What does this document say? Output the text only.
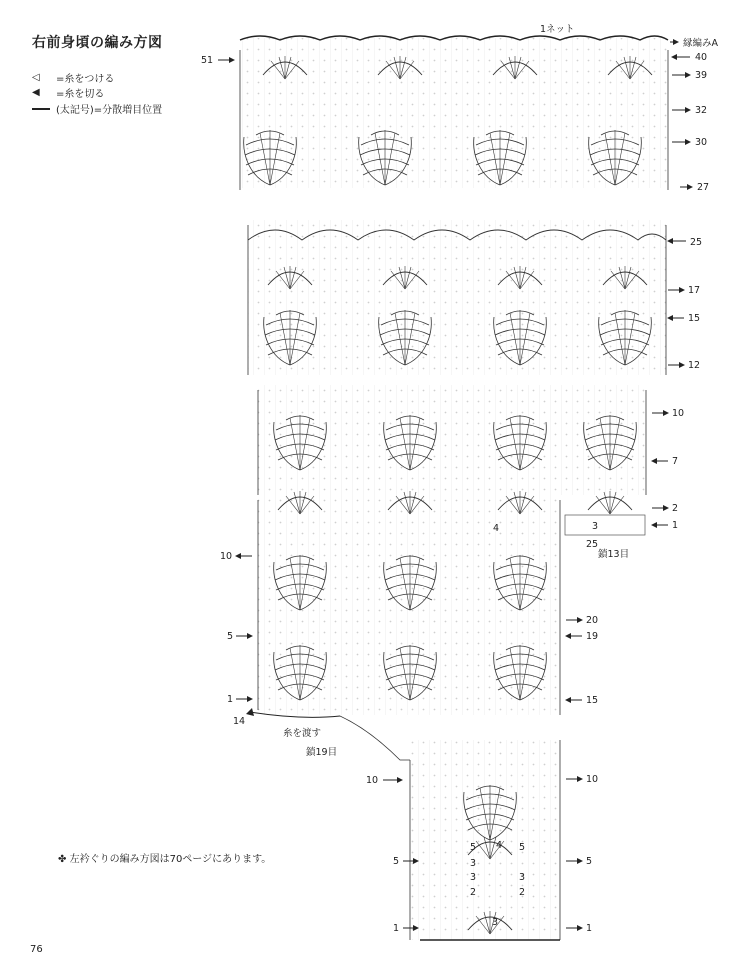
右前身頃の編み方図
◁	=糸をつける
◀	=糸を切る
(太記号)=分散増目位置
1ネット
縁編みA
40
39
32
30
27
25
17
15
12
10
7
2
1
20
19
15
10
5
1
51
10
5
1
14
10
5
1
25
鎖13目
糸を渡す
鎖19目
3
4
5	5
4
3
2
3
2
3
3
✤ 左衿ぐりの編み方図は70ページにあります。
76
